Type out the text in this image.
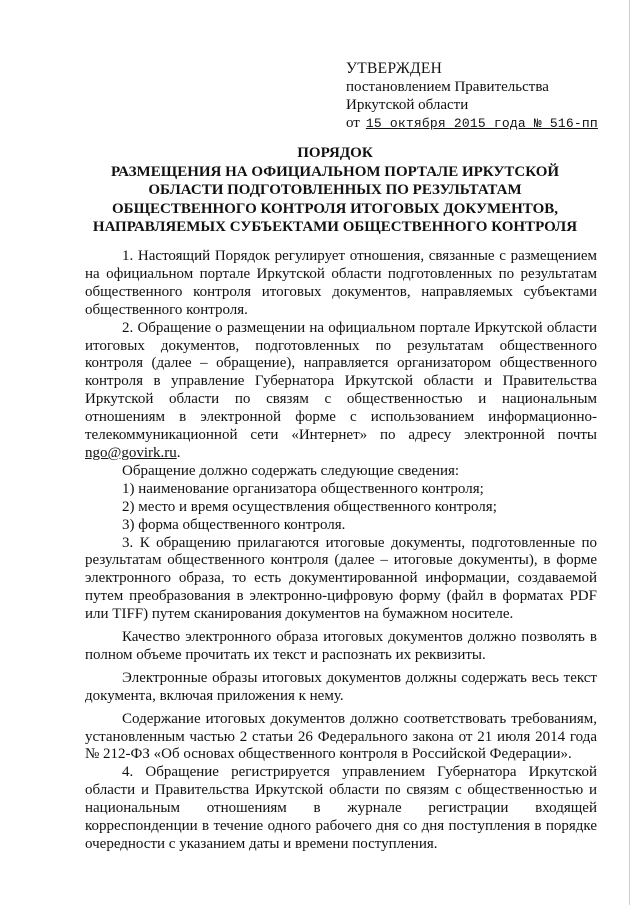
УТВЕРЖДЕН
постановлением Правительства
Иркутской области
от 15 октября 2015 года № 516-пп
ПОРЯДОК
РАЗМЕЩЕНИЯ НА ОФИЦИАЛЬНОМ ПОРТАЛЕ ИРКУТСКОЙ
ОБЛАСТИ ПОДГОТОВЛЕННЫХ ПО РЕЗУЛЬТАТАМ
ОБЩЕСТВЕННОГО КОНТРОЛЯ ИТОГОВЫХ ДОКУМЕНТОВ,
НАПРАВЛЯЕМЫХ СУБЪЕКТАМИ ОБЩЕСТВЕННОГО КОНТРОЛЯ

1. Настоящий Порядок регулирует отношения, связанные с размещением на официальном портале Иркутской области подготовленных по результатам общественного контроля итоговых документов, направляемых субъектами общественного контроля.

2. Обращение о размещении на официальном портале Иркутской области итоговых документов, подготовленных по результатам общественного контроля (далее – обращение), направляется организатором общественного контроля в управление Губернатора Иркутской области и Правительства Иркутской области по связям с общественностью и национальным отношениям в электронной форме с использованием информационно-телекоммуникационной сети «Интернет» по адресу электронной почты ngo@govirk.ru.

Обращение должно содержать следующие сведения:

1) наименование организатора общественного контроля;

2) место и время осуществления общественного контроля;

3) форма общественного контроля.

3. К обращению прилагаются итоговые документы, подготовленные по результатам общественного контроля (далее – итоговые документы), в форме электронного образа, то есть документированной информации, создаваемой путем преобразования в электронно-цифровую форму (файл в форматах PDF или TIFF) путем сканирования документов на бумажном носителе.

Качество электронного образа итоговых документов должно позволять в полном объеме прочитать их текст и распознать их реквизиты.

Электронные образы итоговых документов должны содержать весь текст документа, включая приложения к нему.

Содержание итоговых документов должно соответствовать требованиям, установленным частью 2 статьи 26 Федерального закона от 21 июля 2014 года № 212-ФЗ «Об основах общественного контроля в Российской Федерации».

4. Обращение регистрируется управлением Губернатора Иркутской области и Правительства Иркутской области по связям с общественностью и национальным отношениям в журнале регистрации входящей корреспонденции в течение одного рабочего дня со дня поступления в порядке очередности с указанием даты и времени поступления.
